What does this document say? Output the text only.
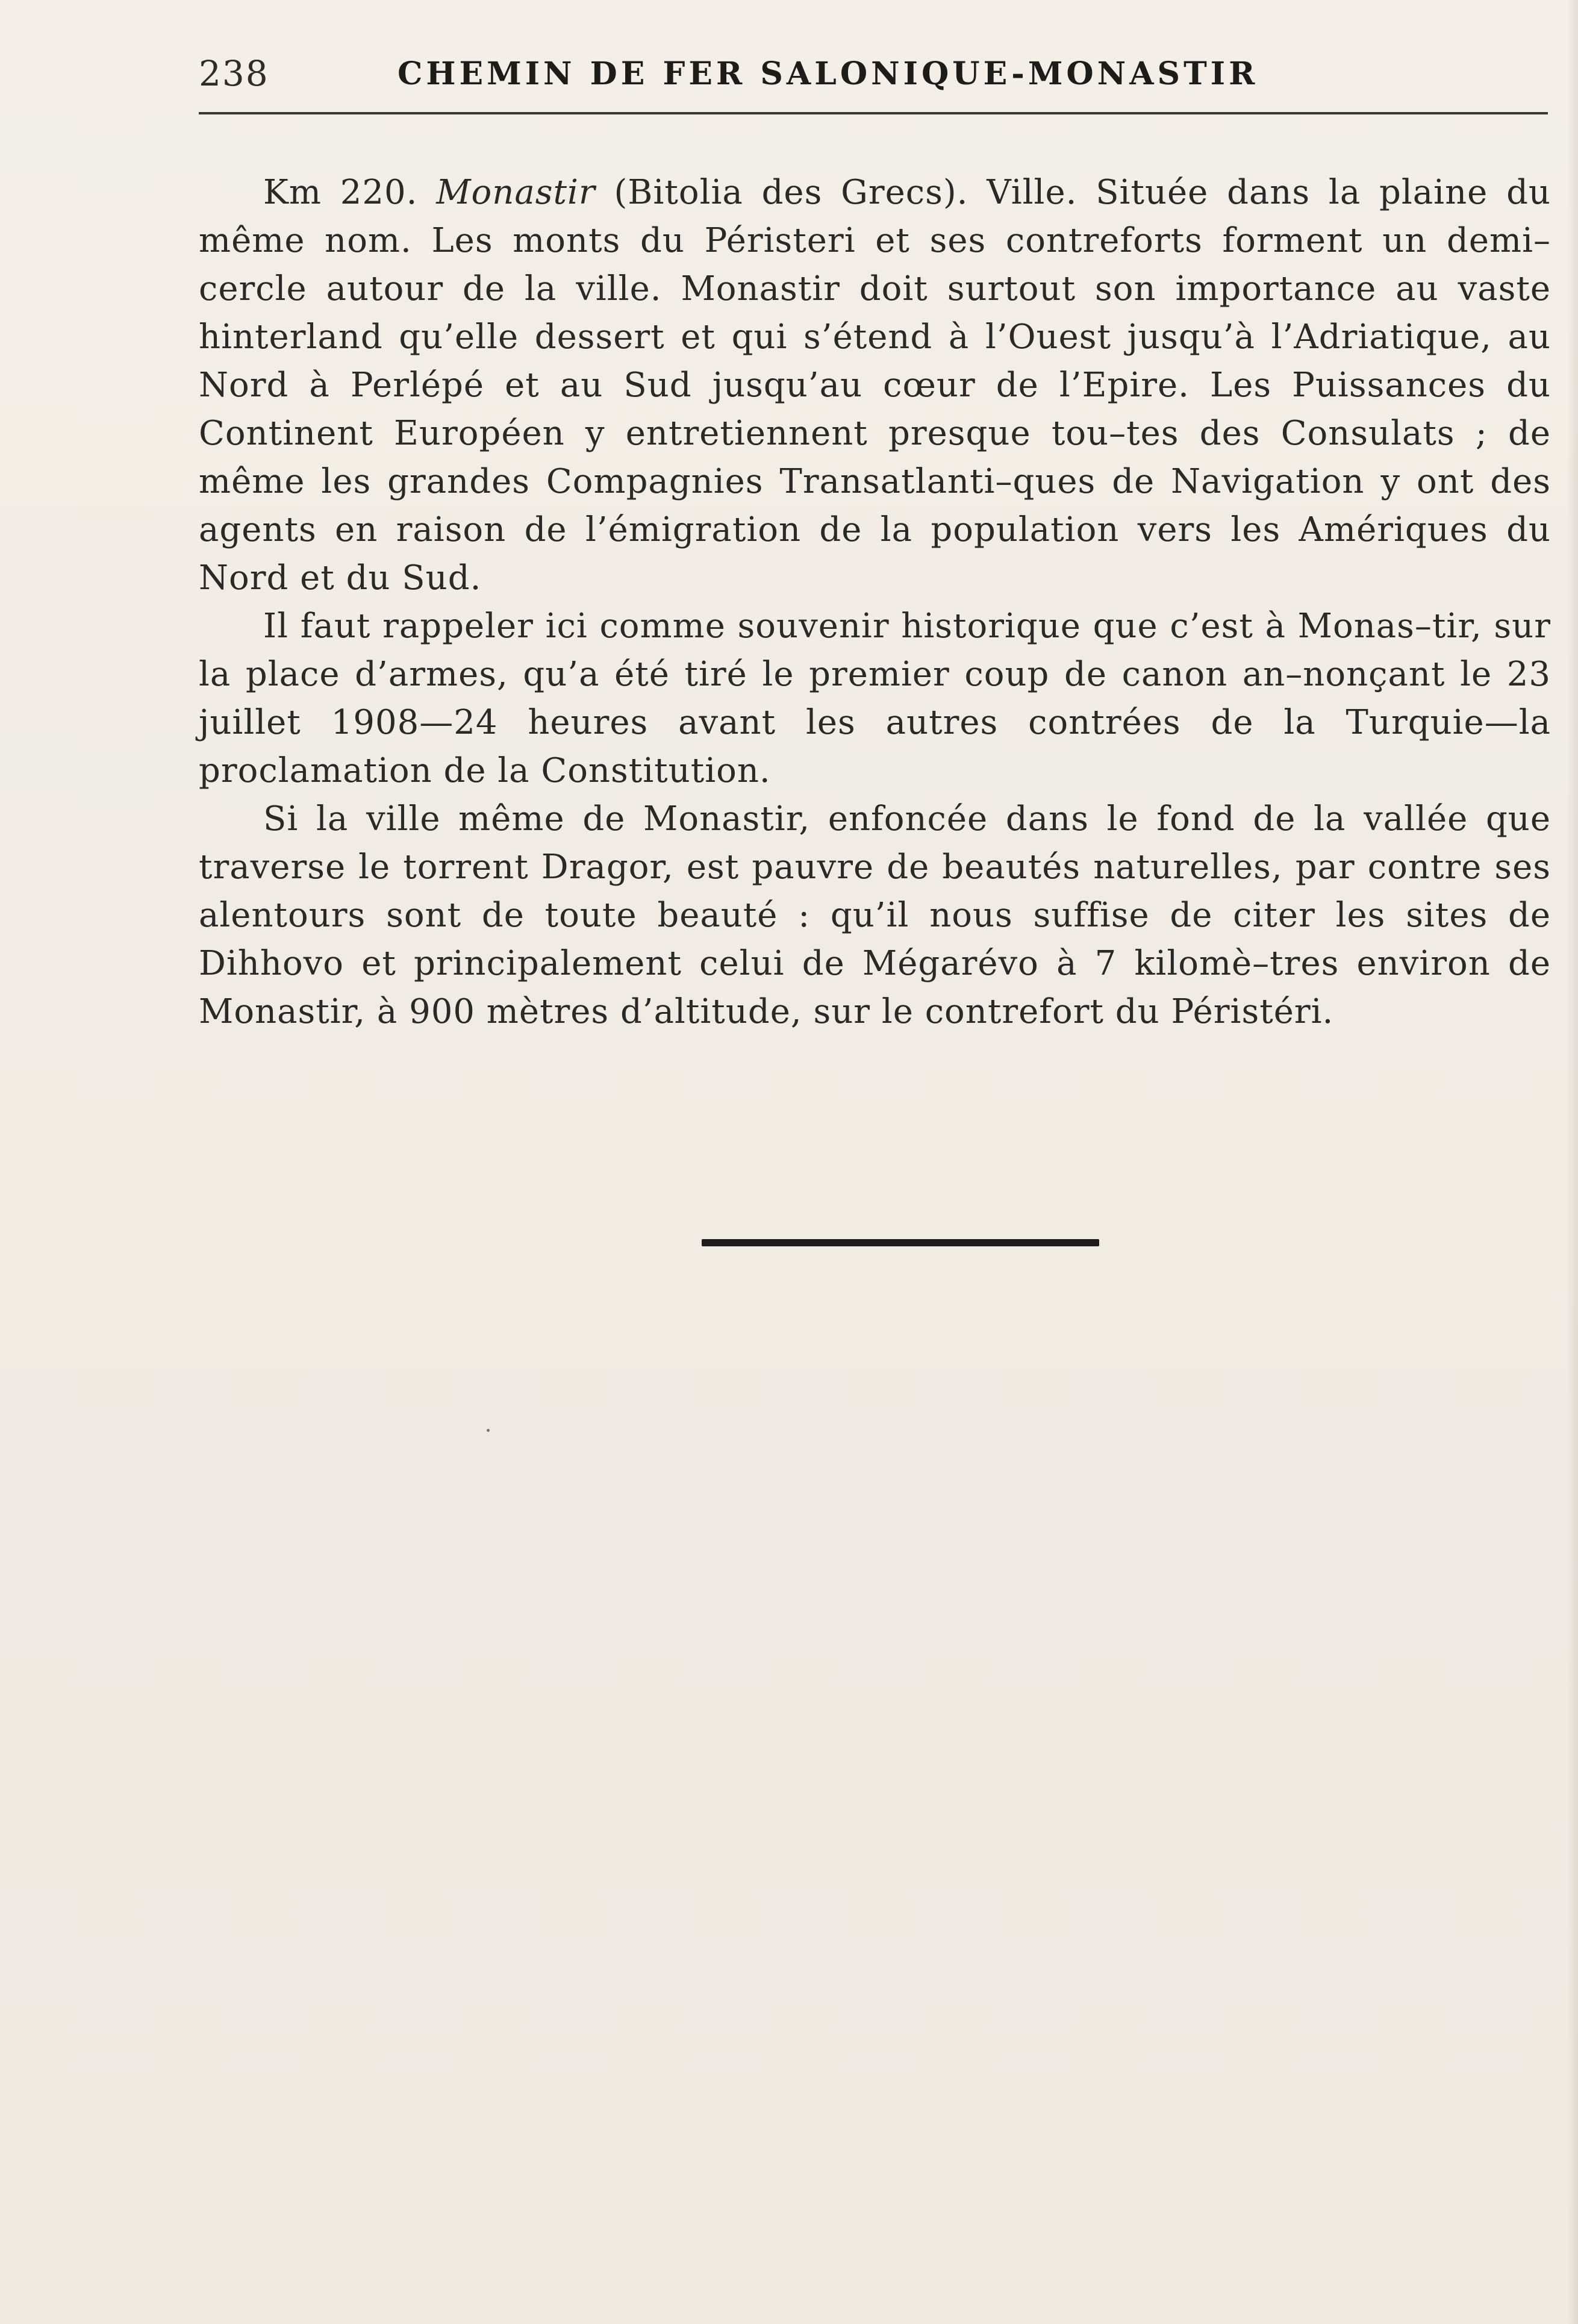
238	CHEMIN DE FER SALONIQUE-MONASTIR

Km 220. Monastir (Bitolia des Grecs). Ville. Située dans la plaine du même nom. Les monts du Péristeri et ses contreforts forment un demi–cercle autour de la ville. Monastir doit surtout son importance au vaste hinterland qu’elle dessert et qui s’étend à l’Ouest jusqu’à l’Adriatique, au Nord à Perlépé et au Sud jusqu’au cœur de l’Epire. Les Puissances du Continent Européen y entretiennent presque tou–tes des Consulats ; de même les grandes Compagnies Transatlanti–ques de Navigation y ont des agents en raison de l’émigration de la population vers les Amériques du Nord et du Sud.

Il faut rappeler ici comme souvenir historique que c’est à Monas–tir, sur la place d’armes, qu’a été tiré le premier coup de canon an–nonçant le 23 juillet 1908—24 heures avant les autres contrées de la Turquie—la proclamation de la Constitution.

Si la ville même de Monastir, enfoncée dans le fond de la vallée que traverse le torrent Dragor, est pauvre de beautés naturelles, par contre ses alentours sont de toute beauté : qu’il nous suffise de citer les sites de Dihhovo et principalement celui de Mégarévo à 7 kilomè–tres environ de Monastir, à 900 mètres d’altitude, sur le contrefort du Péristéri.
